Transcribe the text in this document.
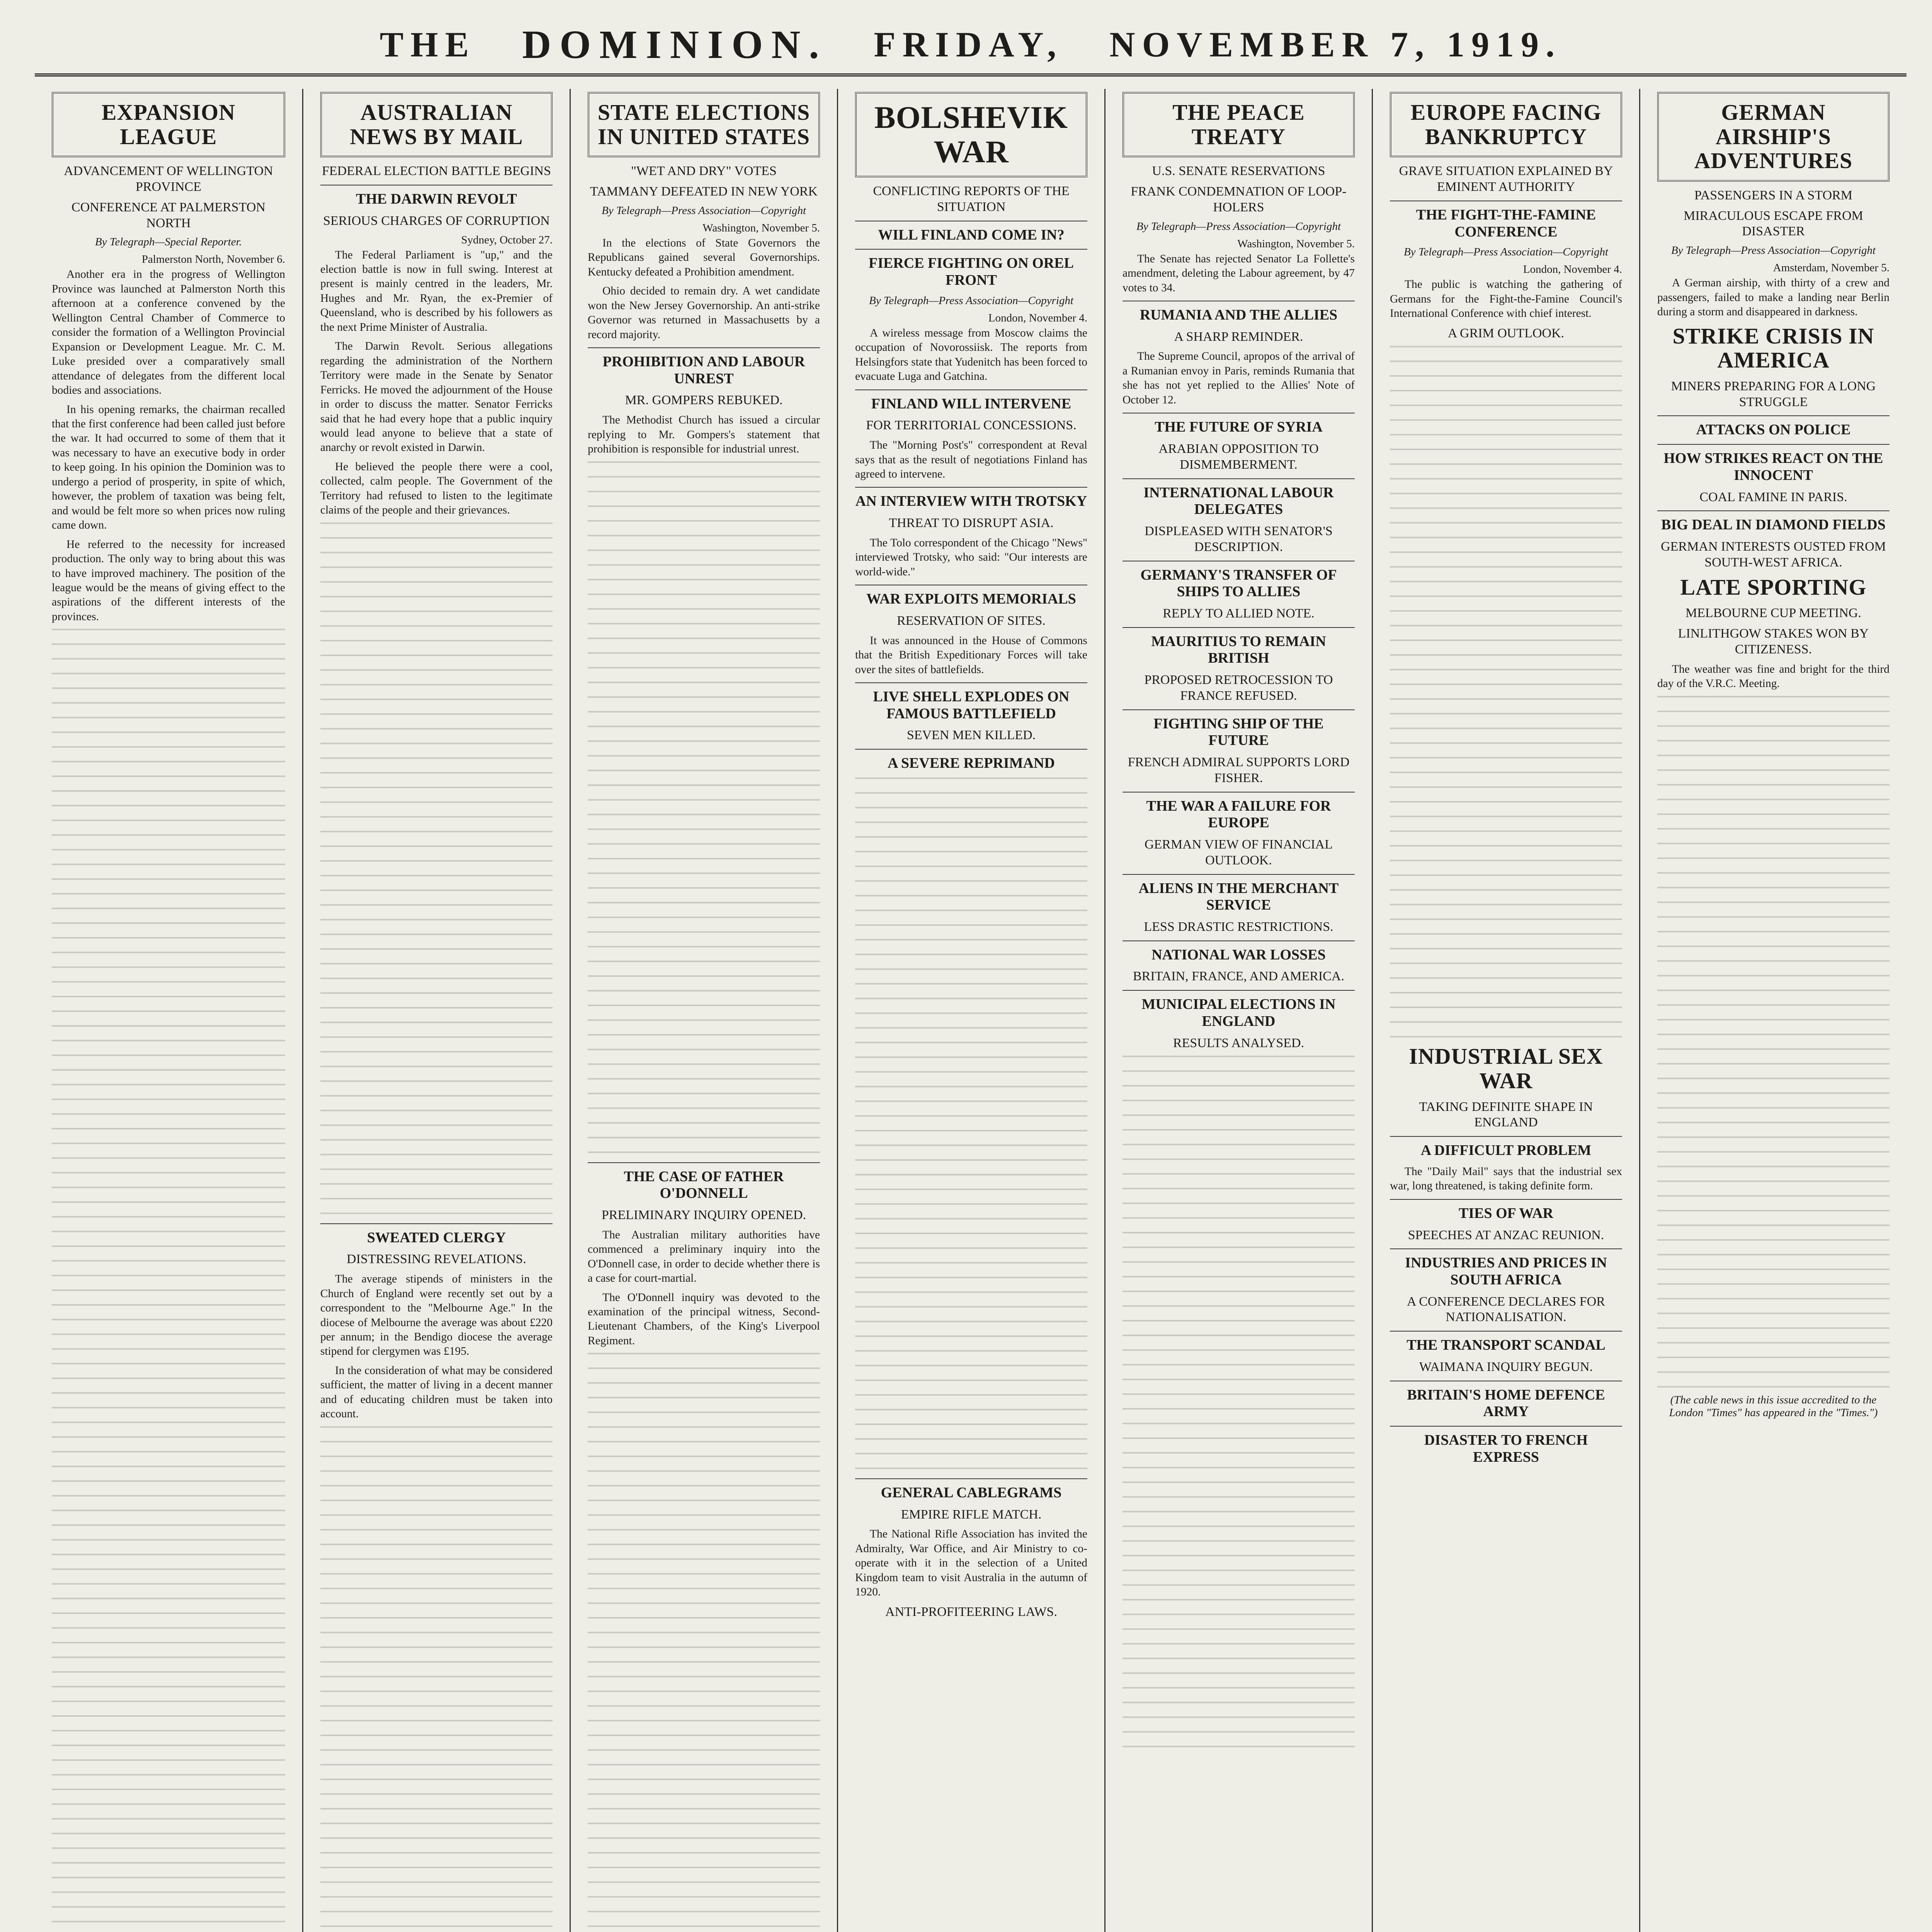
THE DOMINION. FRIDAY, NOVEMBER 7, 1919.
EXPANSION LEAGUE
ADVANCEMENT OF WELLINGTON PROVINCE
CONFERENCE AT PALMERSTON NORTH
By Telegraph—Special Reporter.
Palmerston North, November 6.

Another era in the progress of Wellington Province was launched at Palmerston North this afternoon at a conference convened by the Wellington Central Chamber of Commerce to consider the formation of a Wellington Provincial Expansion or Development League. Mr. C. M. Luke presided over a comparatively small attendance of delegates from the different local bodies and associations.

In his opening remarks, the chairman recalled that the first conference had been called just before the war. It had occurred to some of them that it was necessary to have an executive body in order to keep going. In his opinion the Dominion was to undergo a period of prosperity, in spite of which, however, the problem of taxation was being felt, and would be felt more so when prices now ruling came down.

He referred to the necessity for increased production. The only way to bring about this was to have improved machinery. The position of the league would be the means of giving effect to the aspirations of the different interests of the provinces.

AUSTRALIAN NEWS BY MAIL
FEDERAL ELECTION BATTLE BEGINS
THE DARWIN REVOLT
SERIOUS CHARGES OF CORRUPTION
Sydney, October 27.

The Federal Parliament is "up," and the election battle is now in full swing. Interest at present is mainly centred in the leaders, Mr. Hughes and Mr. Ryan, the ex-Premier of Queensland, who is described by his followers as the next Prime Minister of Australia.

The Darwin Revolt. Serious allegations regarding the administration of the Northern Territory were made in the Senate by Senator Ferricks. He moved the adjournment of the House in order to discuss the matter. Senator Ferricks said that he had every hope that a public inquiry would lead anyone to believe that a state of anarchy or revolt existed in Darwin.

He believed the people there were a cool, collected, calm people. The Government of the Territory had refused to listen to the legitimate claims of the people and their grievances.

SWEATED CLERGY
DISTRESSING REVELATIONS.

The average stipends of ministers in the Church of England were recently set out by a correspondent to the "Melbourne Age." In the diocese of Melbourne the average was about £220 per annum; in the Bendigo diocese the average stipend for clergymen was £195.

In the consideration of what may be considered sufficient, the matter of living in a decent manner and of educating children must be taken into account.

STATE ELECTIONS IN UNITED STATES
"WET AND DRY" VOTES
TAMMANY DEFEATED IN NEW YORK
By Telegraph—Press Association—Copyright
Washington, November 5.

In the elections of State Governors the Republicans gained several Governorships. Kentucky defeated a Prohibition amendment.

Ohio decided to remain dry. A wet candidate won the New Jersey Governorship. An anti-strike Governor was returned in Massachusetts by a record majority.

PROHIBITION AND LABOUR UNREST
MR. GOMPERS REBUKED.

The Methodist Church has issued a circular replying to Mr. Gompers's statement that prohibition is responsible for industrial unrest.

THE CASE OF FATHER O'DONNELL
PRELIMINARY INQUIRY OPENED.

The Australian military authorities have commenced a preliminary inquiry into the O'Donnell case, in order to decide whether there is a case for court-martial.

The O'Donnell inquiry was devoted to the examination of the principal witness, Second-Lieutenant Chambers, of the King's Liverpool Regiment.

BOLSHEVIK WAR
CONFLICTING REPORTS OF THE SITUATION
WILL FINLAND COME IN?
FIERCE FIGHTING ON OREL FRONT
By Telegraph—Press Association—Copyright
London, November 4.

A wireless message from Moscow claims the occupation of Novorossiisk. The reports from Helsingfors state that Yudenitch has been forced to evacuate Luga and Gatchina.

FINLAND WILL INTERVENE
FOR TERRITORIAL CONCESSIONS.

The "Morning Post's" correspondent at Reval says that as the result of negotiations Finland has agreed to intervene.

AN INTERVIEW WITH TROTSKY
THREAT TO DISRUPT ASIA.

The Tolo correspondent of the Chicago "News" interviewed Trotsky, who said: "Our interests are world-wide."

WAR EXPLOITS MEMORIALS
RESERVATION OF SITES.

It was announced in the House of Commons that the British Expeditionary Forces will take over the sites of battlefields.

LIVE SHELL EXPLODES ON FAMOUS BATTLEFIELD
SEVEN MEN KILLED.
A SEVERE REPRIMAND
GENERAL CABLEGRAMS
EMPIRE RIFLE MATCH.

The National Rifle Association has invited the Admiralty, War Office, and Air Ministry to co-operate with it in the selection of a United Kingdom team to visit Australia in the autumn of 1920.

ANTI-PROFITEERING LAWS.
THE PEACE TREATY
U.S. SENATE RESERVATIONS
FRANK CONDEMNATION OF LOOP-HOLERS
By Telegraph—Press Association—Copyright
Washington, November 5.

The Senate has rejected Senator La Follette's amendment, deleting the Labour agreement, by 47 votes to 34.

RUMANIA AND THE ALLIES
A SHARP REMINDER.

The Supreme Council, apropos of the arrival of a Rumanian envoy in Paris, reminds Rumania that she has not yet replied to the Allies' Note of October 12.

THE FUTURE OF SYRIA
ARABIAN OPPOSITION TO DISMEMBERMENT.
INTERNATIONAL LABOUR DELEGATES
DISPLEASED WITH SENATOR'S DESCRIPTION.
GERMANY'S TRANSFER OF SHIPS TO ALLIES
REPLY TO ALLIED NOTE.
MAURITIUS TO REMAIN BRITISH
PROPOSED RETROCESSION TO FRANCE REFUSED.
FIGHTING SHIP OF THE FUTURE
FRENCH ADMIRAL SUPPORTS LORD FISHER.
THE WAR A FAILURE FOR EUROPE
GERMAN VIEW OF FINANCIAL OUTLOOK.
ALIENS IN THE MERCHANT SERVICE
LESS DRASTIC RESTRICTIONS.
NATIONAL WAR LOSSES
BRITAIN, FRANCE, AND AMERICA.
MUNICIPAL ELECTIONS IN ENGLAND
RESULTS ANALYSED.
EUROPE FACING BANKRUPTCY
GRAVE SITUATION EXPLAINED BY EMINENT AUTHORITY
THE FIGHT-THE-FAMINE CONFERENCE
By Telegraph—Press Association—Copyright
London, November 4.

The public is watching the gathering of Germans for the Fight-the-Famine Council's International Conference with chief interest.

A GRIM OUTLOOK.
INDUSTRIAL SEX WAR
TAKING DEFINITE SHAPE IN ENGLAND
A DIFFICULT PROBLEM

The "Daily Mail" says that the industrial sex war, long threatened, is taking definite form.

TIES OF WAR
SPEECHES AT ANZAC REUNION.
INDUSTRIES AND PRICES IN SOUTH AFRICA
A CONFERENCE DECLARES FOR NATIONALISATION.
THE TRANSPORT SCANDAL
WAIMANA INQUIRY BEGUN.
BRITAIN'S HOME DEFENCE ARMY
DISASTER TO FRENCH EXPRESS
GERMAN AIRSHIP'S ADVENTURES
PASSENGERS IN A STORM
MIRACULOUS ESCAPE FROM DISASTER
By Telegraph—Press Association—Copyright
Amsterdam, November 5.

A German airship, with thirty of a crew and passengers, failed to make a landing near Berlin during a storm and disappeared in darkness.

STRIKE CRISIS IN AMERICA
MINERS PREPARING FOR A LONG STRUGGLE
ATTACKS ON POLICE
HOW STRIKES REACT ON THE INNOCENT
COAL FAMINE IN PARIS.
BIG DEAL IN DIAMOND FIELDS
GERMAN INTERESTS OUSTED FROM SOUTH-WEST AFRICA.
LATE SPORTING
MELBOURNE CUP MEETING.
LINLITHGOW STAKES WON BY CITIZENESS.

The weather was fine and bright for the third day of the V.R.C. Meeting.

(The cable news in this issue accredited to the London "Times" has appeared in the "Times.")
